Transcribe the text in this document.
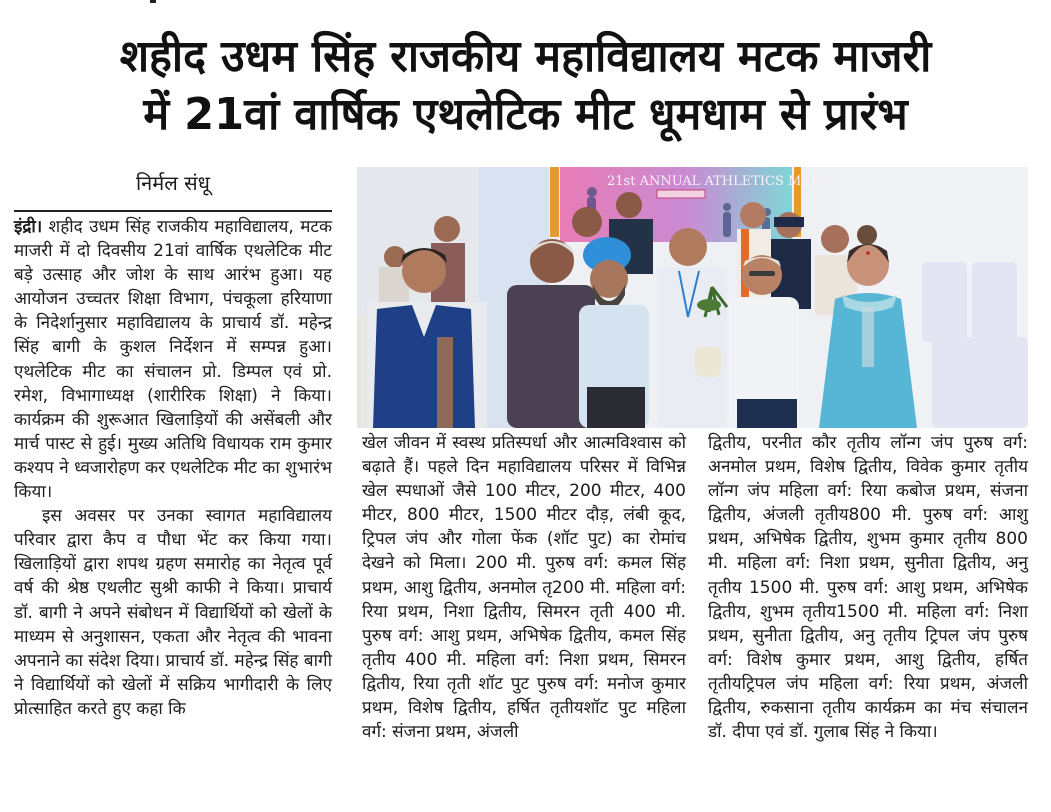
शहीद उधम सिंह राजकीय महाविद्यालय मटक माजरी
में 21वां वार्षिक एथलेटिक मीट धूमधाम से प्रारंभ
निर्मल संधू

इंद्री। शहीद उधम सिंह राजकीय महाविद्यालय, मटक माजरी में दो दिवसीय 21वां वार्षिक एथलेटिक मीट बड़े उत्साह और जोश के साथ आरंभ हुआ। यह आयोजन उच्चतर शिक्षा विभाग, पंचकूला हरियाणा के निदेर्शानुसार महाविद्यालय के प्राचार्य डॉ. महेन्द्र सिंह बागी के कुशल निर्देशन में सम्पन्न हुआ। एथलेटिक मीट का संचालन प्रो. डिम्पल एवं प्रो. रमेश, विभागाध्यक्ष (शारीरिक शिक्षा) ने किया। कार्यक्रम की शुरूआत खिलाड़ियों की असेंबली और मार्च पास्ट से हुई। मुख्य अतिथि विधायक राम कुमार कश्यप ने ध्वजारोहण कर एथलेटिक मीट का शुभारंभ किया।

इस अवसर पर उनका स्वागत महाविद्यालय परिवार द्वारा कैप व पौधा भेंट कर किया गया। खिलाड़ियों द्वारा शपथ ग्रहण समारोह का नेतृत्व पूर्व वर्ष की श्रेष्ठ एथलीट सुश्री काफी ने किया। प्राचार्य डॉ. बागी ने अपने संबोधन में विद्यार्थियों को खेलों के माध्यम से अनुशासन, एकता और नेतृत्व की भावना अपनाने का संदेश दिया। प्राचार्य डॉ. महेन्द्र सिंह बागी ने विद्यार्थियों को खेलों में सक्रिय भागीदारी के लिए प्रोत्साहित करते हुए कहा कि

21st ANNUAL ATHLETICS MEET

खेल जीवन में स्वस्थ प्रतिस्पर्धा और आत्मविश्वास को बढ़ाते हैं। पहले दिन महाविद्यालय परिसर में विभिन्न खेल स्पधाओं जैसे 100 मीटर, 200 मीटर, 400 मीटर, 800 मीटर, 1500 मीटर दौड़, लंबी कूद, ट्रिपल जंप और गोला फेंक (शॉट पुट) का रोमांच देखने को मिला। 200 मी. पुरुष वर्ग: कमल सिंह प्रथम, आशु द्वितीय, अनमोल तृ200 मी. महिला वर्ग: रिया प्रथम, निशा द्वितीय, सिमरन तृती 400 मी. पुरुष वर्ग: आशु प्रथम, अभिषेक द्वितीय, कमल सिंह तृतीय 400 मी. महिला वर्ग: निशा प्रथम, सिमरन द्वितीय, रिया तृती शॉट पुट पुरुष वर्ग: मनोज कुमार प्रथम, विशेष द्वितीय, हर्षित तृतीयशॉट पुट महिला वर्ग: संजना प्रथम, अंजली

द्वितीय, परनीत कौर तृतीय लॉन्ग जंप पुरुष वर्ग: अनमोल प्रथम, विशेष द्वितीय, विवेक कुमार तृतीय लॉन्ग जंप महिला वर्ग: रिया कबोज प्रथम, संजना द्वितीय, अंजली तृतीय800 मी. पुरुष वर्ग: आशु प्रथम, अभिषेक द्वितीय, शुभम कुमार तृतीय 800 मी. महिला वर्ग: निशा प्रथम, सुनीता द्वितीय, अनु तृतीय 1500 मी. पुरुष वर्ग: आशु प्रथम, अभिषेक द्वितीय, शुभम तृतीय1500 मी. महिला वर्ग: निशा प्रथम, सुनीता द्वितीय, अनु तृतीय ट्रिपल जंप पुरुष वर्ग: विशेष कुमार प्रथम, आशु द्वितीय, हर्षित तृतीयट्रिपल जंप महिला वर्ग: रिया प्रथम, अंजली द्वितीय, रुकसाना तृतीय कार्यक्रम का मंच संचालन डॉ. दीपा एवं डॉ. गुलाब सिंह ने किया।
